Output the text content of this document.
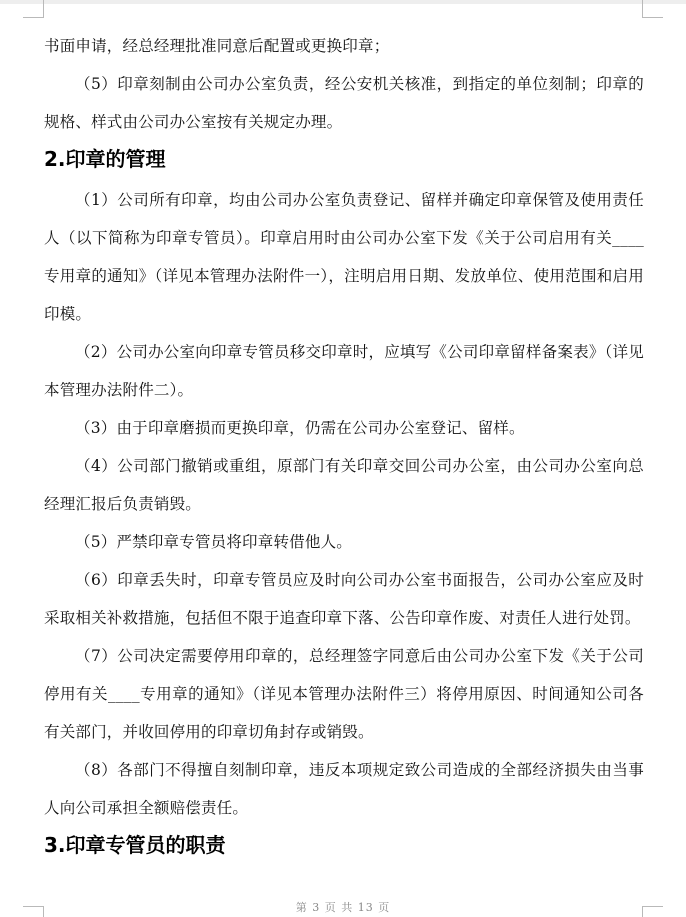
书面申请，经总经理批准同意后配置或更换印章；

（5）印章刻制由公司办公室负责，经公安机关核准，到指定的单位刻制；印章的规格、样式由公司办公室按有关规定办理。

2.印章的管理

（1）公司所有印章，均由公司办公室负责登记、留样并确定印章保管及使用责任人（以下简称为印章专管员）。印章启用时由公司办公室下发《关于公司启用有关____专用章的通知》（详见本管理办法附件一），注明启用日期、发放单位、使用范围和启用印模。

（2）公司办公室向印章专管员移交印章时，应填写《公司印章留样备案表》（详见本管理办法附件二）。

（3）由于印章磨损而更换印章，仍需在公司办公室登记、留样。

（4）公司部门撤销或重组，原部门有关印章交回公司办公室，由公司办公室向总经理汇报后负责销毁。

（5）严禁印章专管员将印章转借他人。

（6）印章丢失时，印章专管员应及时向公司办公室书面报告，公司办公室应及时采取相关补救措施，包括但不限于追查印章下落、公告印章作废、对责任人进行处罚。

（7）公司决定需要停用印章的，总经理签字同意后由公司办公室下发《关于公司停用有关____专用章的通知》（详见本管理办法附件三）将停用原因、时间通知公司各有关部门，并收回停用的印章切角封存或销毁。

（8）各部门不得擅自刻制印章，违反本项规定致公司造成的全部经济损失由当事人向公司承担全额赔偿责任。

3.印章专管员的职责
第 3 页 共 13 页
